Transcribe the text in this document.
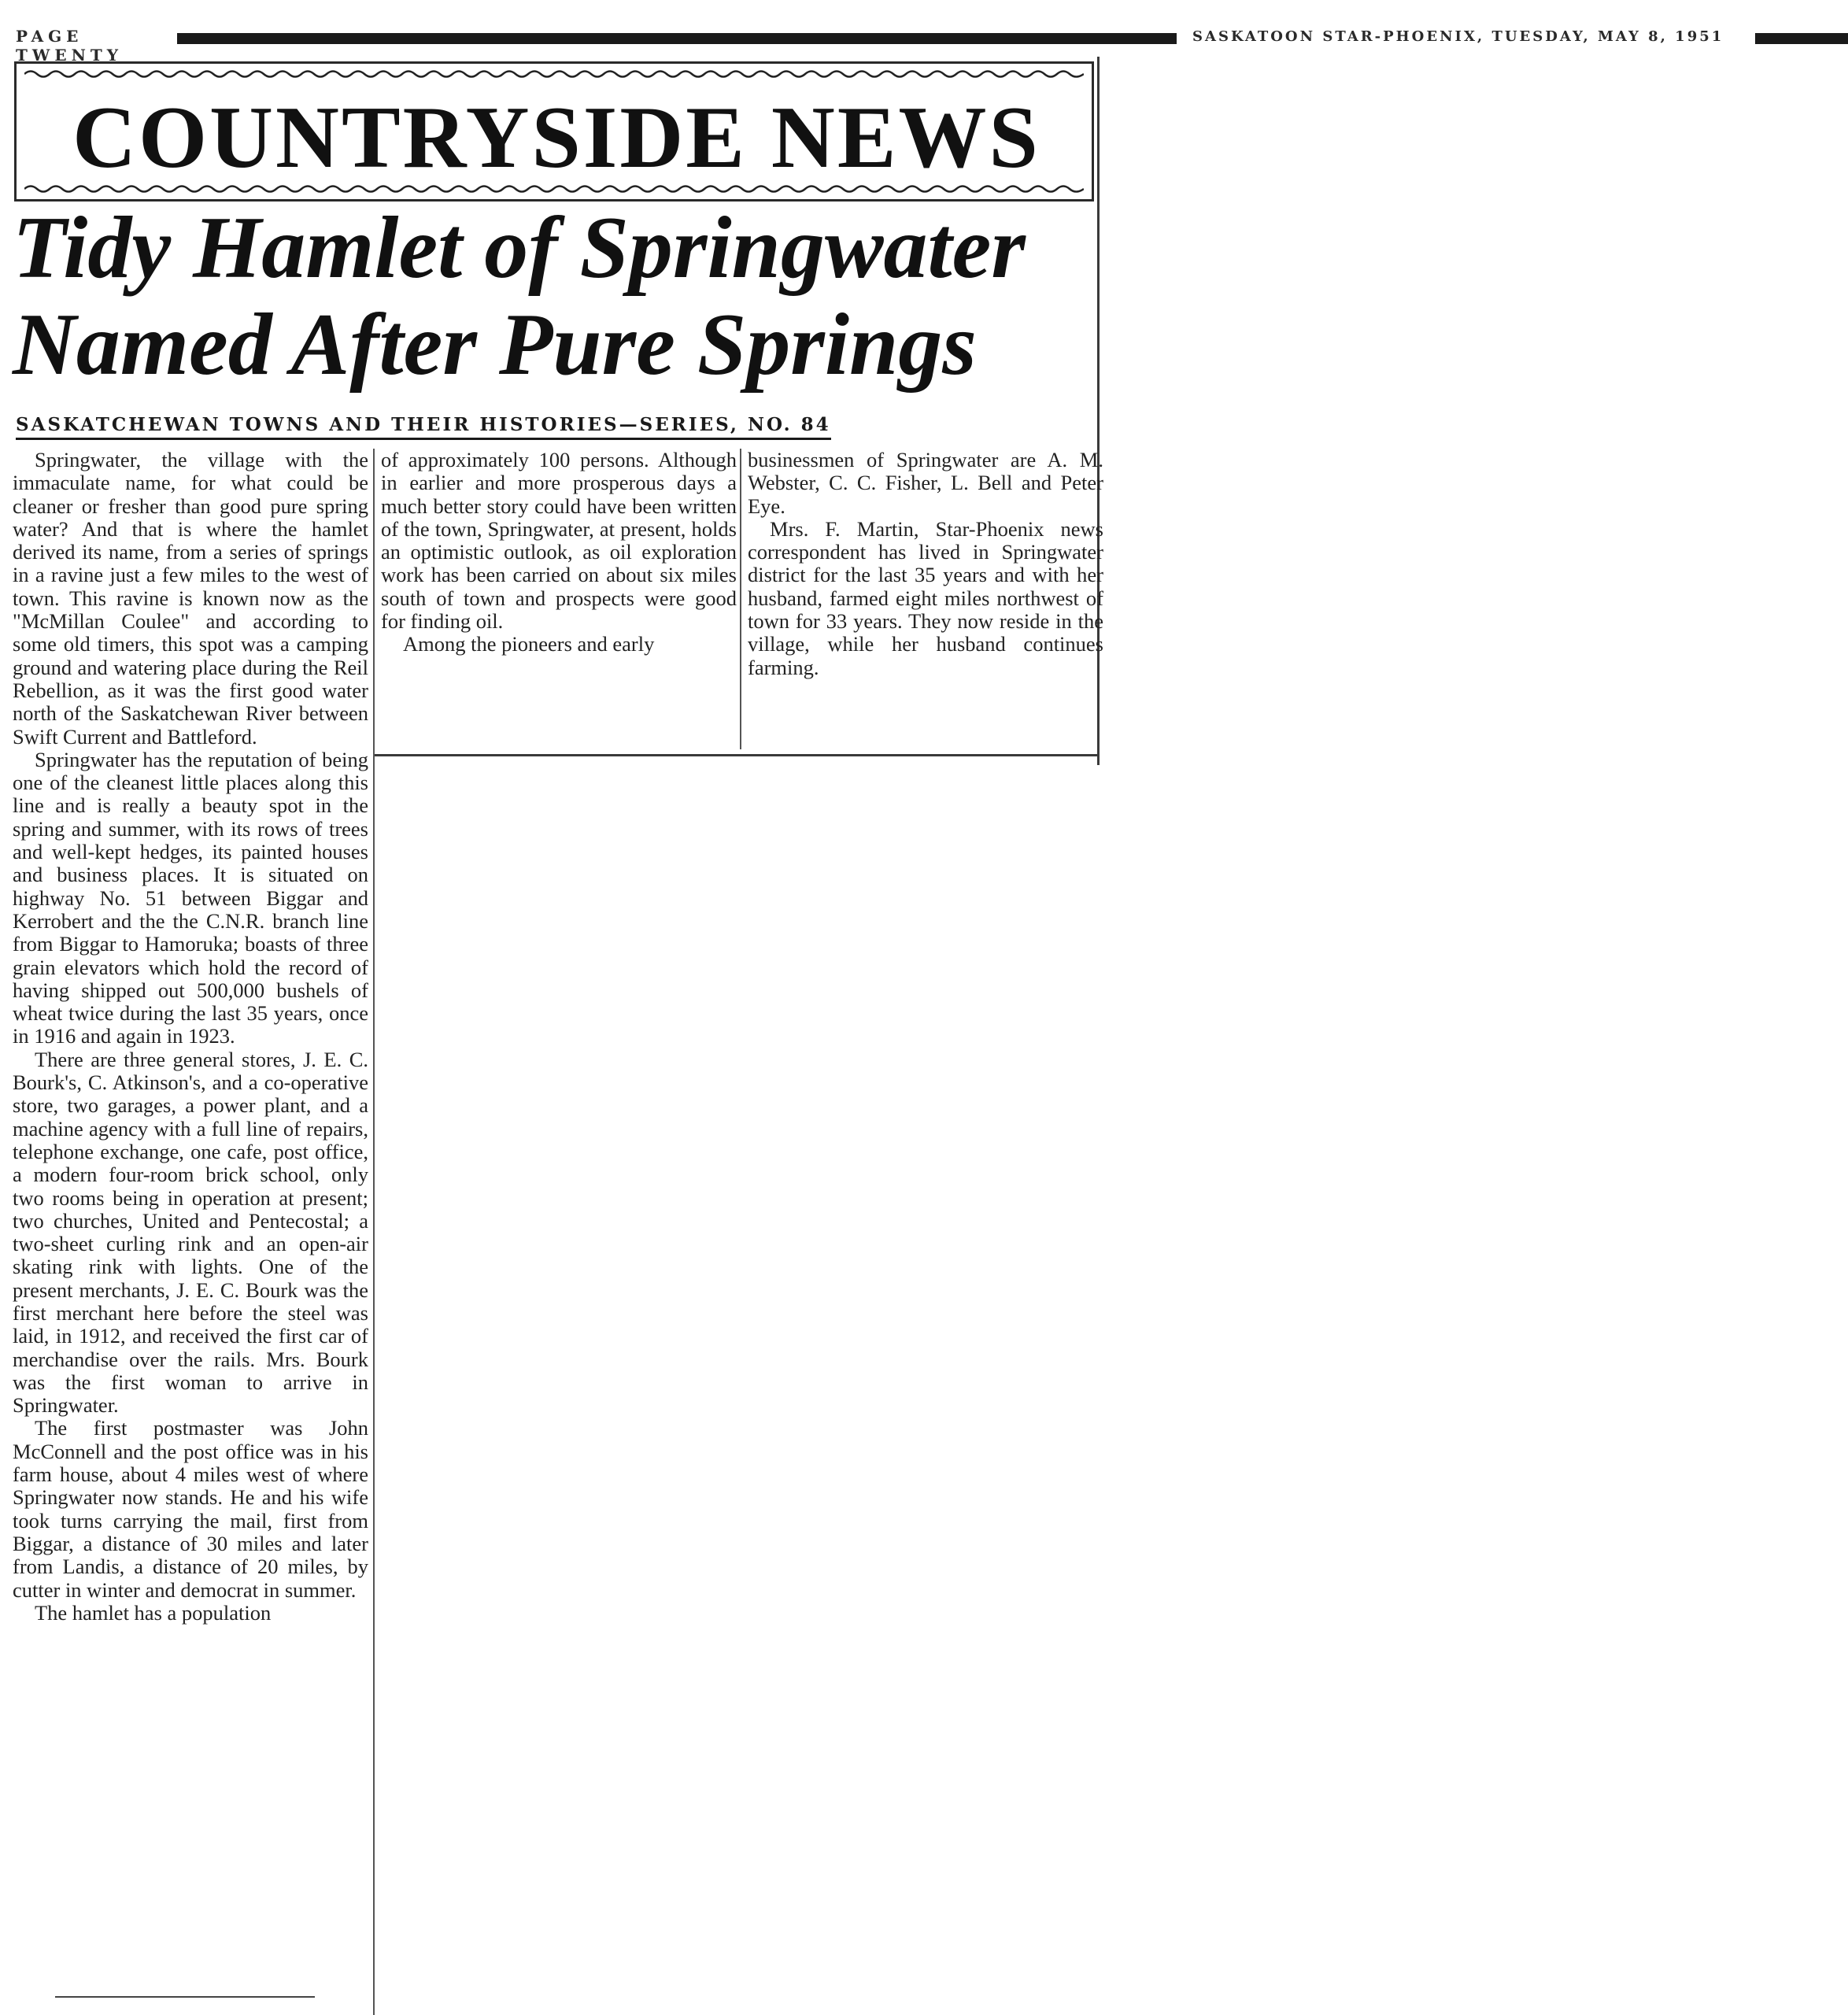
PAGE TWENTY
SASKATOON STAR-PHOENIX, TUESDAY, MAY 8, 1951
COUNTRYSIDE NEWS
Tidy Hamlet of Springwater
Named After Pure Springs
SASKATCHEWAN TOWNS AND THEIR HISTORIES—SERIES, NO. 84

Springwater, the village with the immaculate name, for what could be cleaner or fresher than good pure spring water? And that is where the hamlet derived its name, from a series of springs in a ravine just a few miles to the west of town. This ravine is known now as the "McMillan Coulee" and according to some old timers, this spot was a camping ground and watering place during the Reil Rebellion, as it was the first good water north of the Saskatchewan River between Swift Current and Battleford.

Springwater has the reputation of being one of the cleanest little places along this line and is really a beauty spot in the spring and summer, with its rows of trees and well-kept hedges, its painted houses and business places. It is situated on highway No. 51 between Biggar and Kerrobert and the the C.N.R. branch line from Biggar to Hamoruka; boasts of three grain elevators which hold the record of having shipped out 500,000 bushels of wheat twice during the last 35 years, once in 1916 and again in 1923.

There are three general stores, J. E. C. Bourk's, C. Atkinson's, and a co-operative store, two garages, a power plant, and a machine agency with a full line of repairs, telephone exchange, one cafe, post office, a modern four-room brick school, only two rooms being in operation at present; two churches, United and Pentecostal; a two-sheet curling rink and an open-air skating rink with lights. One of the present merchants, J. E. C. Bourk was the first merchant here before the steel was laid, in 1912, and received the first car of merchandise over the rails. Mrs. Bourk was the first woman to arrive in Springwater.

The first postmaster was John McConnell and the post office was in his farm house, about 4 miles west of where Springwater now stands. He and his wife took turns carrying the mail, first from Biggar, a distance of 30 miles and later from Landis, a distance of 20 miles, by cutter in winter and democrat in summer.

The hamlet has a population

of approximately 100 persons. Although in earlier and more prosperous days a much better story could have been written of the town, Springwater, at present, holds an optimistic outlook, as oil exploration work has been carried on about six miles south of town and prospects were good for finding oil.

Among the pioneers and early

businessmen of Springwater are A. M. Webster, C. C. Fisher, L. Bell and Peter Eye.

Mrs. F. Martin, Star-Phoenix news correspondent has lived in Springwater district for the last 35 years and with her husband, farmed eight miles northwest of town for 33 years. They now reside in the village, while her husband continues farming.
